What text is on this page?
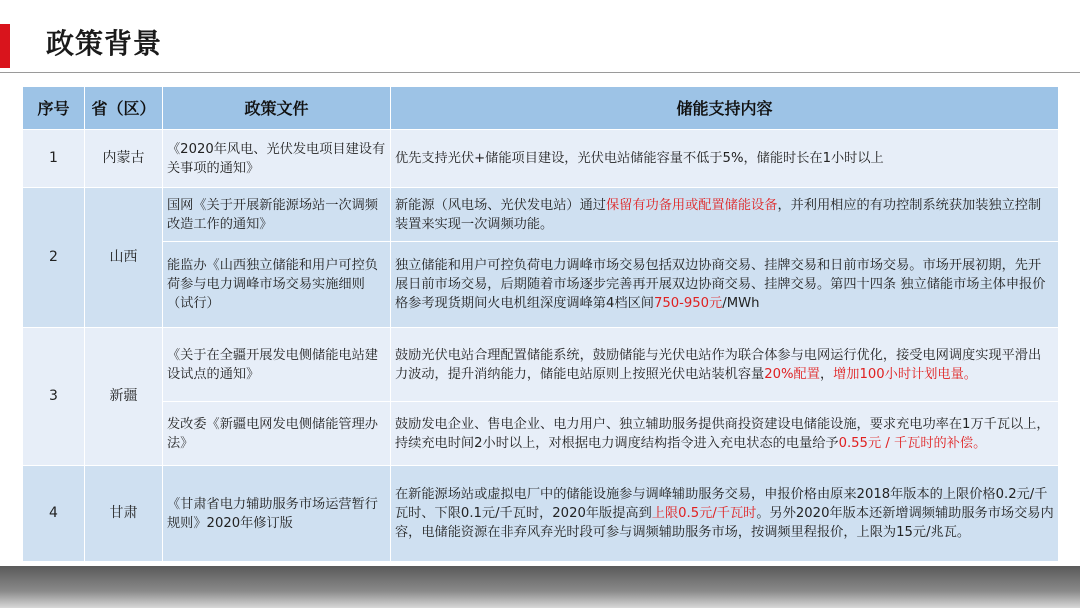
政策背景
序号	省（区）	政策文件	储能支持内容
1	内蒙古	《2020年风电、光伏发电项目建设有关事项的通知》	优先支持光伏+储能项目建设，光伏电站储能容量不低于5%，储能时长在1小时以上
2	山西	国网《关于开展新能源场站一次调频改造工作的通知》	新能源（风电场、光伏发电站）通过保留有功备用或配置储能设备，并利用相应的有功控制系统获加装独立控制装置来实现一次调频功能。
		能监办《山西独立储能和用户可控负荷参与电力调峰市场交易实施细则（试行）	独立储能和用户可控负荷电力调峰市场交易包括双边协商交易、挂牌交易和日前市场交易。市场开展初期，先开展日前市场交易，后期随着市场逐步完善再开展双边协商交易、挂牌交易。第四十四条 独立储能市场主体申报价格参考现货期间火电机组深度调峰第4档区间750-950元/MWh
3	新疆	《关于在全疆开展发电侧储能电站建设试点的通知》	鼓励光伏电站合理配置储能系统，鼓励储能与光伏电站作为联合体参与电网运行优化，接受电网调度实现平滑出力波动，提升消纳能力，储能电站原则上按照光伏电站装机容量20%配置，增加100小时计划电量。
		发改委《新疆电网发电侧储能管理办法》	鼓励发电企业、售电企业、电力用户、独立辅助服务提供商投资建设电储能设施，要求充电功率在1万千瓦以上，持续充电时间2小时以上，对根据电力调度结构指令进入充电状态的电量给予0.55元 / 千瓦时的补偿。
4	甘肃	《甘肃省电力辅助服务市场运营暂行规则》2020年修订版	在新能源场站或虚拟电厂中的储能设施参与调峰辅助服务交易，申报价格由原来2018年版本的上限价格0.2元/千瓦时、下限0.1元/千瓦时，2020年版提高到上限0.5元/千瓦时。另外2020年版本还新增调频辅助服务市场交易内容，电储能资源在非弃风弃光时段可参与调频辅助服务市场，按调频里程报价，上限为15元/兆瓦。
